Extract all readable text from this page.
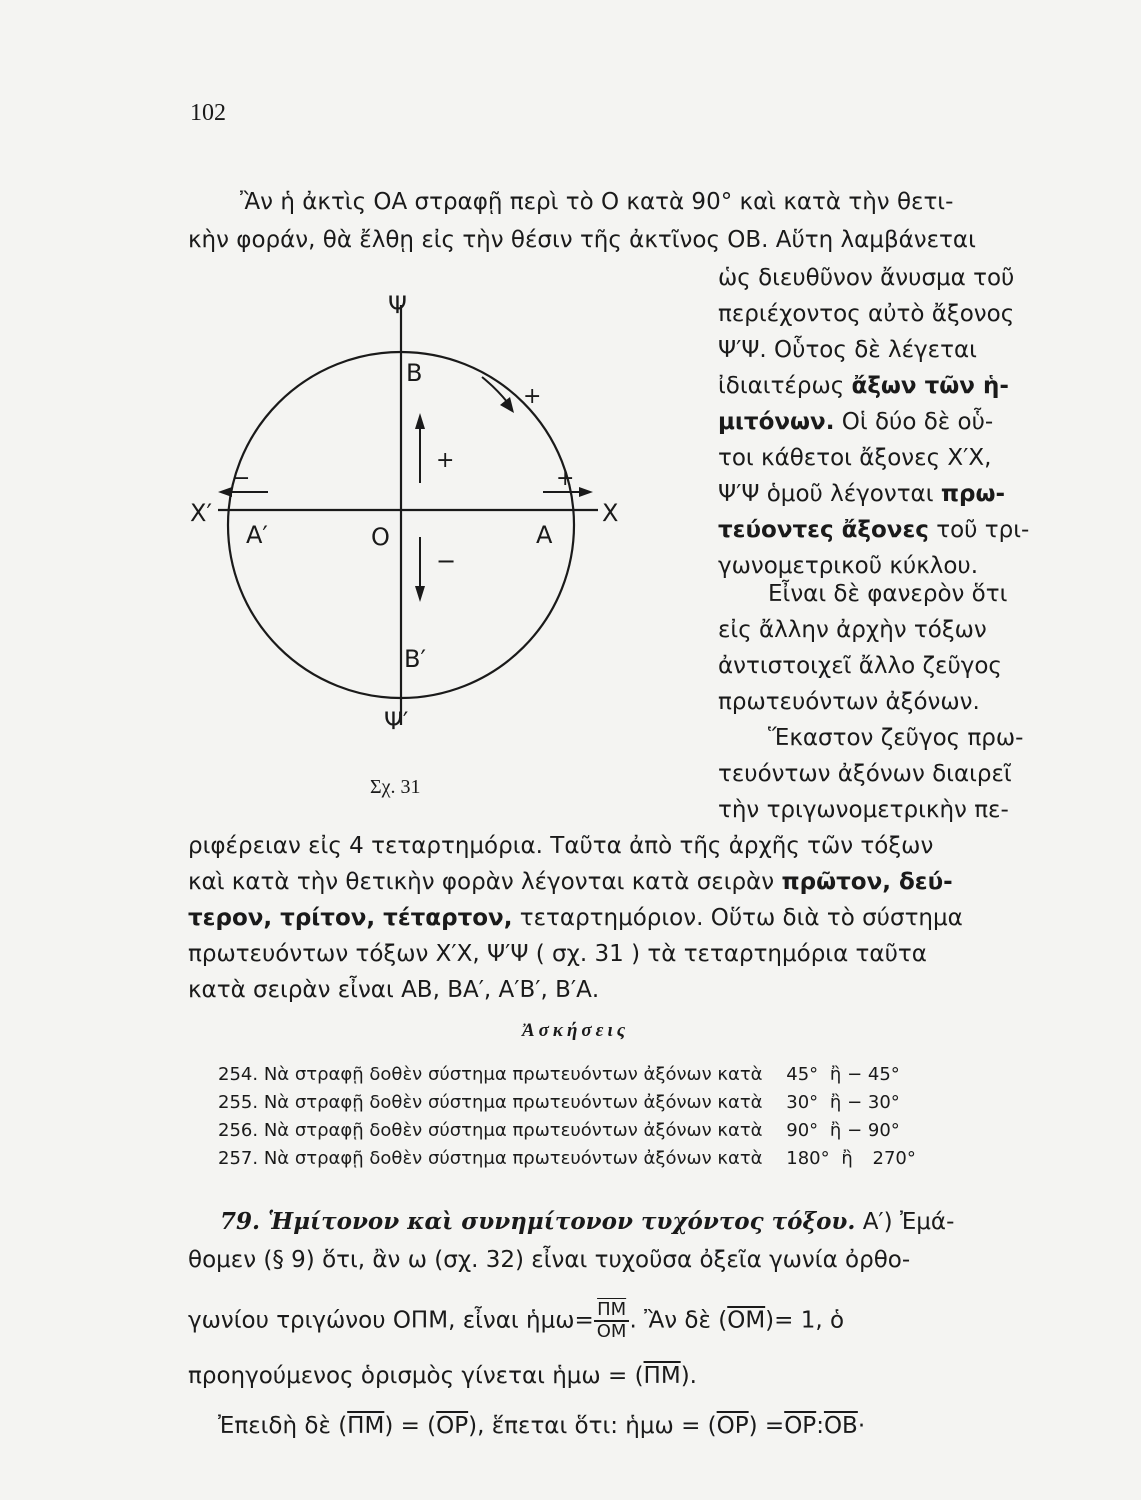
102
Ἂν ἡ ἀκτὶς ΟΑ στραφῇ περὶ τὸ Ο κατὰ 90° καὶ κατὰ τὴν θετι-
κὴν φοράν, θὰ ἔλθῃ εἰς τὴν θέσιν τῆς ἀκτῖνος ΟΒ. Αὕτη λαμβάνεται
ὡς διευθῦνον ἄνυσμα τοῦ
περιέχοντος αὐτὸ ἄξονος
Ψ′Ψ. Οὗτος δὲ λέγεται
ἰδιαιτέρως ἄξων τῶν ἡ-
μιτόνων. Οἱ δύο δὲ οὗ-
τοι κάθετοι ἄξονες Χ′Χ,
Ψ′Ψ ὁμοῦ λέγονται πρω-
τεύοντες ἄξονες τοῦ τρι-
γωνομετρικοῦ κύκλου.
Εἶναι δὲ φανερὸν ὅτι
εἰς ἄλλην ἀρχὴν τόξων
ἀντιστοιχεῖ ἄλλο ζεῦγος
πρωτευόντων ἀξόνων.
Ἕκαστον ζεῦγος πρω-
τευόντων ἀξόνων διαιρεῖ
τὴν τριγωνομετρικὴν πε-
Ψ
Β
+
+
+
−
−
Χ′	Χ
Α′	Ο	Α
Β′
Ψ′
Σχ. 31
ριφέρειαν εἰς 4 τεταρτημόρια. Ταῦτα ἀπὸ τῆς ἀρχῆς τῶν τόξων
καὶ κατὰ τὴν θετικὴν φορὰν λέγονται κατὰ σειρὰν πρῶτον, δεύ-
τερον, τρίτον, τέταρτον, τεταρτημόριον. Οὕτω διὰ τὸ σύστημα
πρωτευόντων τόξων Χ′Χ, Ψ′Ψ ( σχ. 31 ) τὰ τεταρτημόρια ταῦτα
κατὰ σειρὰν εἶναι ΑΒ, ΒΑ′, Α′Β′, Β′Α.
Ἀσκήσεις
254. Νὰ στραφῇ δοθὲν σύστημα πρωτευόντων ἀξόνων κατὰ 45° ἢ − 45°
255. Νὰ στραφῇ δοθὲν σύστημα πρωτευόντων ἀξόνων κατὰ 30° ἢ − 30°
256. Νὰ στραφῇ δοθὲν σύστημα πρωτευόντων ἀξόνων κατὰ 90° ἢ − 90°
257. Νὰ στραφῇ δοθὲν σύστημα πρωτευόντων ἀξόνων κατὰ 180° ἢ 270°
79. Ἡμίτονον καὶ συνημίτονον τυχόντος τόξου. Α′) Ἐμά-
θομεν (§ 9) ὅτι, ἂν ω (σχ. 32) εἶναι τυχοῦσα ὀξεῖα γωνία ὀρθο-
γωνίου τριγώνου ΟΠΜ, εἶναι ἡμω= $\frac{\overline{\Pi M}}{OM}$ . Ἂν δὲ $(\overline{OM})= 1$, ὁ
προηγούμενος ὁρισμὸς γίνεται ἡμω = $(\overline{\Pi M})$.
Ἐπειδὴ δὲ $(\overline{\Pi M}) = (\overline{OP})$, ἕπεται ὅτι: ἡμω = $(\overline{OP})$ $=\overline{OP}:\overline{OB}\cdot$
